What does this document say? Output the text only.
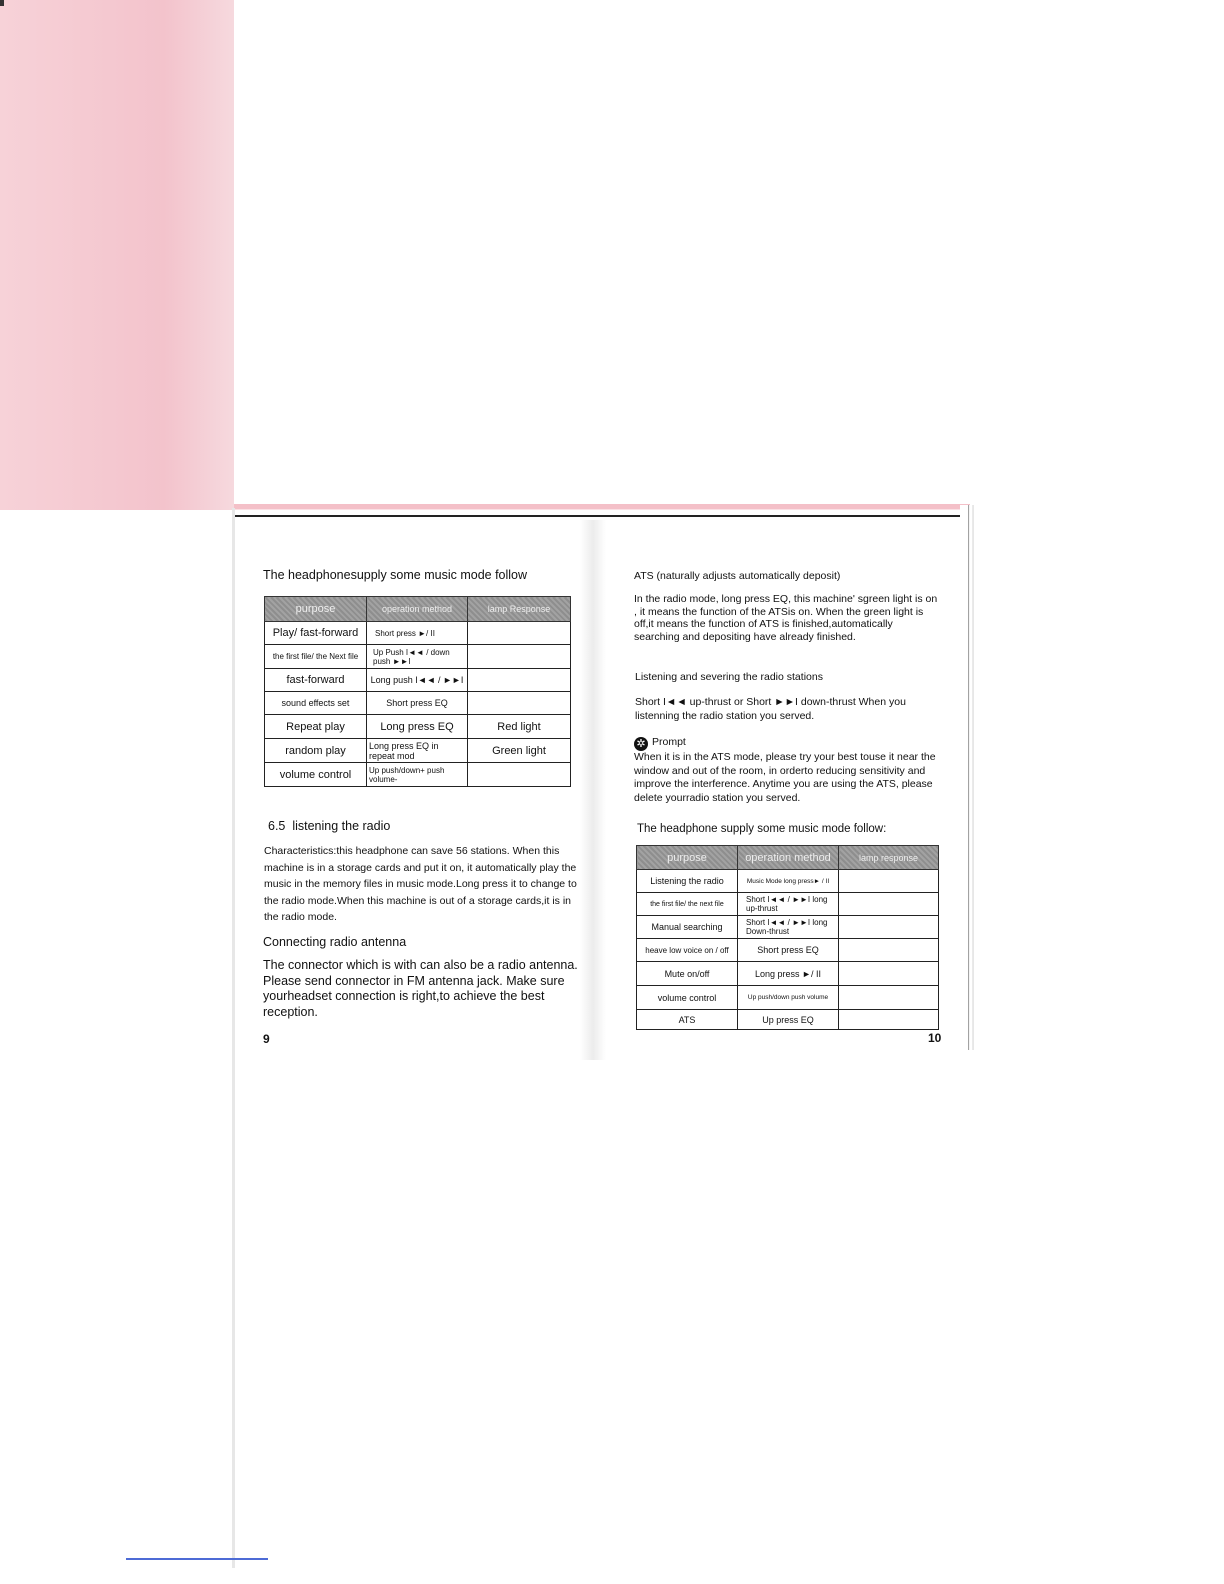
The headphonesupply some music mode follow
purpose	operation method	lamp Response
Play/ fast-forward	Short press ►/ II	
the first file/ the Next file	Up Push I◄◄ / down push ►►I	
fast-forward	Long push I◄◄ / ►►I	
sound effects set	Short press EQ	
Repeat play	Long press EQ	Red light
random play	Long press EQ in repeat mod	Green light
volume control	Up push/down+ push volume-	
6.5  listening the radio
Characteristics:this headphone can save 56 stations. When this machine is in a storage cards and put it on, it automatically play the music in the memory files in music mode.Long press it to change to the radio mode.When this machine is out of a storage cards,it is in the radio mode.
Connecting radio antenna
The connector which is with can also be a radio antenna. Please send connector in FM antenna jack. Make sure yourheadset connection is right,to achieve the best reception.
9
ATS (naturally adjusts automatically deposit)
In the radio mode, long press EQ, this machine' sgreen light is on , it means the function of the ATSis on. When the green light is off,it means the function of ATS is finished,automatically searching and depositing have already finished.
Listening and severing the radio stations
Short I◄◄ up-thrust or Short ►►I down-thrust When you listenning the radio station you served.
✲ Prompt
When it is in the ATS mode, please try your best touse it near the window and out of the room, in orderto reducing sensitivity and improve the interference. Anytime you are using the ATS, please delete yourradio station you served.
The headphone supply some music mode follow:
purpose	operation method	lamp response
Listening the radio	Music Mode long press► / II	
the first file/ the next file	Short I◄◄ / ►►I long up-thrust	
Manual searching	Short I◄◄ / ►►I long Down-thrust	
heave low voice on / off	Short press EQ	
Mute on/off	Long press ►/ II	
volume control	Up push/down push volume	
ATS	Up press EQ	
10
